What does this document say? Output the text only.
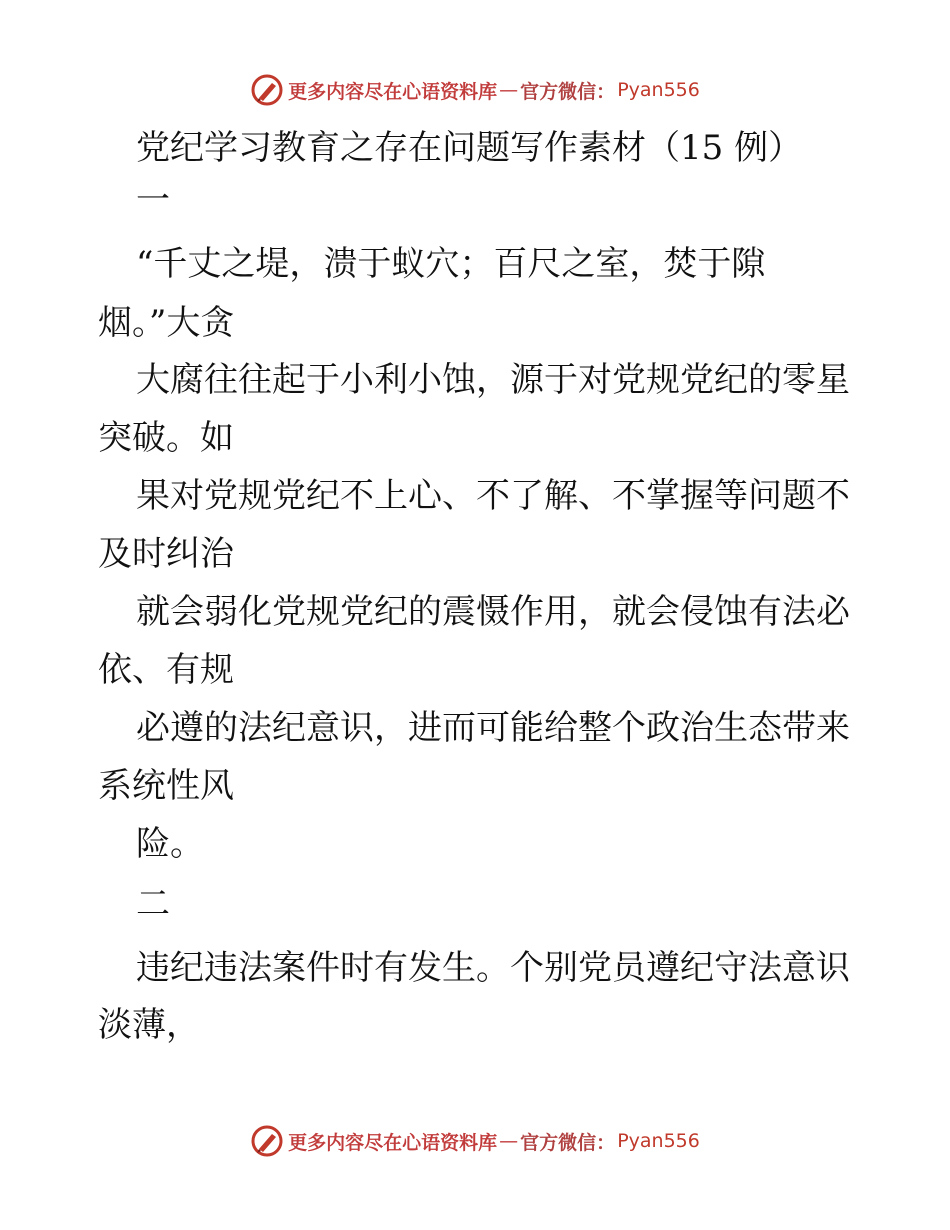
更多内容尽在心语资料库 — 官方微信： Pyan556
党纪学习教育之存在问题写作素材（15 例）
一
“千丈之堤，溃于蚁穴；百尺之室，焚于隙
烟。”大贪
大腐往往起于小利小蚀，源于对党规党纪的零星
突破。如
果对党规党纪不上心、不了解、不掌握等问题不
及时纠治
就会弱化党规党纪的震慑作用，就会侵蚀有法必
依、有规
必遵的法纪意识，进而可能给整个政治生态带来
系统性风
险。
二
违纪违法案件时有发生。个别党员遵纪守法意识
淡薄，
更多内容尽在心语资料库 — 官方微信： Pyan556
